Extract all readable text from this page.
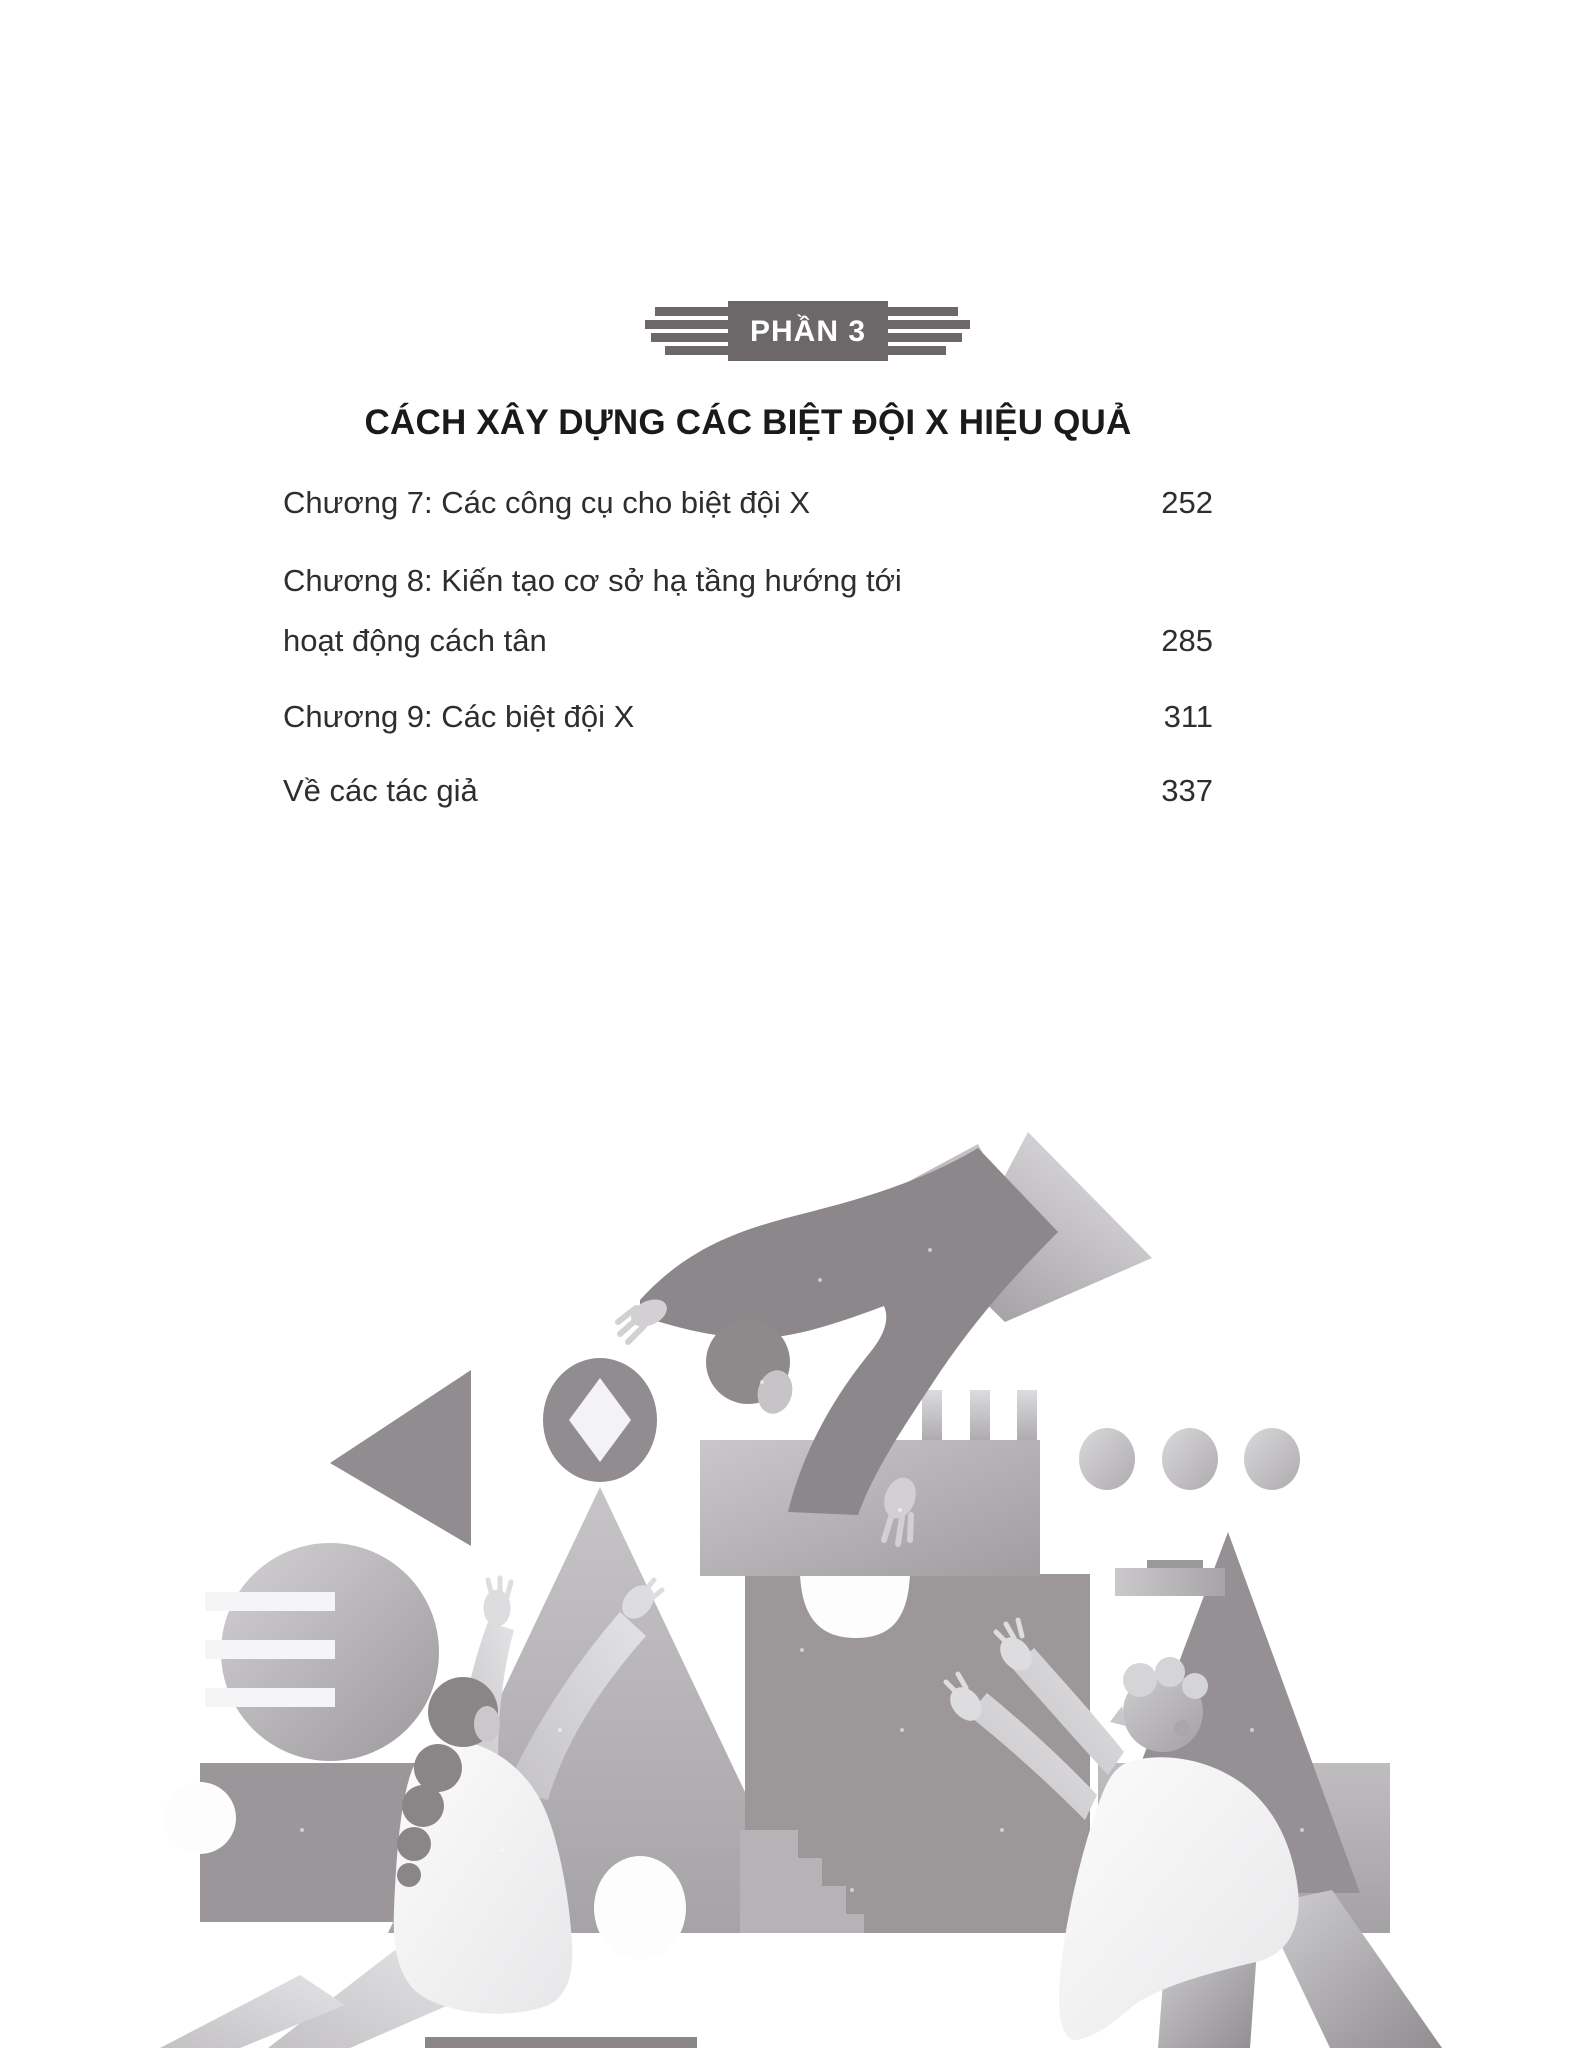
PHẦN 3
CÁCH XÂY DỰNG CÁC BIỆT ĐỘI X HIỆU QUẢ
Chương 7: Các công cụ cho biệt đội X	252
Chương 8: Kiến tạo cơ sở hạ tầng hướng tới
hoạt động cách tân	285
Chương 9: Các biệt đội X	311
Về các tác giả	337
